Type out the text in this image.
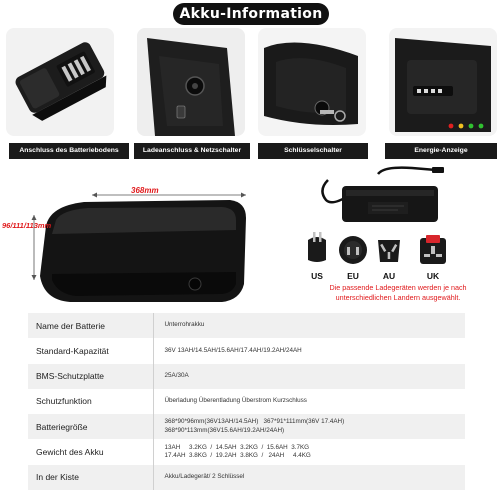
Akku-Information
Anschluss des Batteriebodens	Ladeanschluss & Netzschalter	Schlüsselschalter	Energie-Anzeige
368mm
96/111/113mm
US	EU	AU	UK
Die passende Ladegeräten werden je nach
unterschiedlichen Landern ausgewählt.
Name der Batterie	Unterrohrakku

Standard-Kapazität	36V 13AH/14.5AH/15.6AH/17.4AH/19.2AH/24AH

BMS-Schutzplatte	25A/30A

Schutzfunktion	Überladung Überentladung Überstrom Kurzschluss

Batteriegröße	368*90*96mm(36V13AH/14.5AH)   367*91*111mm(36V 17.4AH)
368*90*113mm(36V15.6AH/19.2AH/24AH)

Gewicht des Akku	13AH     3.2KG  /  14.5AH  3.2KG  /  15.6AH  3.7KG
17.4AH  3.8KG  /  19.2AH  3.8KG  /   24AH     4.4KG

In der Kiste	Akku/Ladegerät/ 2 Schlüssel
